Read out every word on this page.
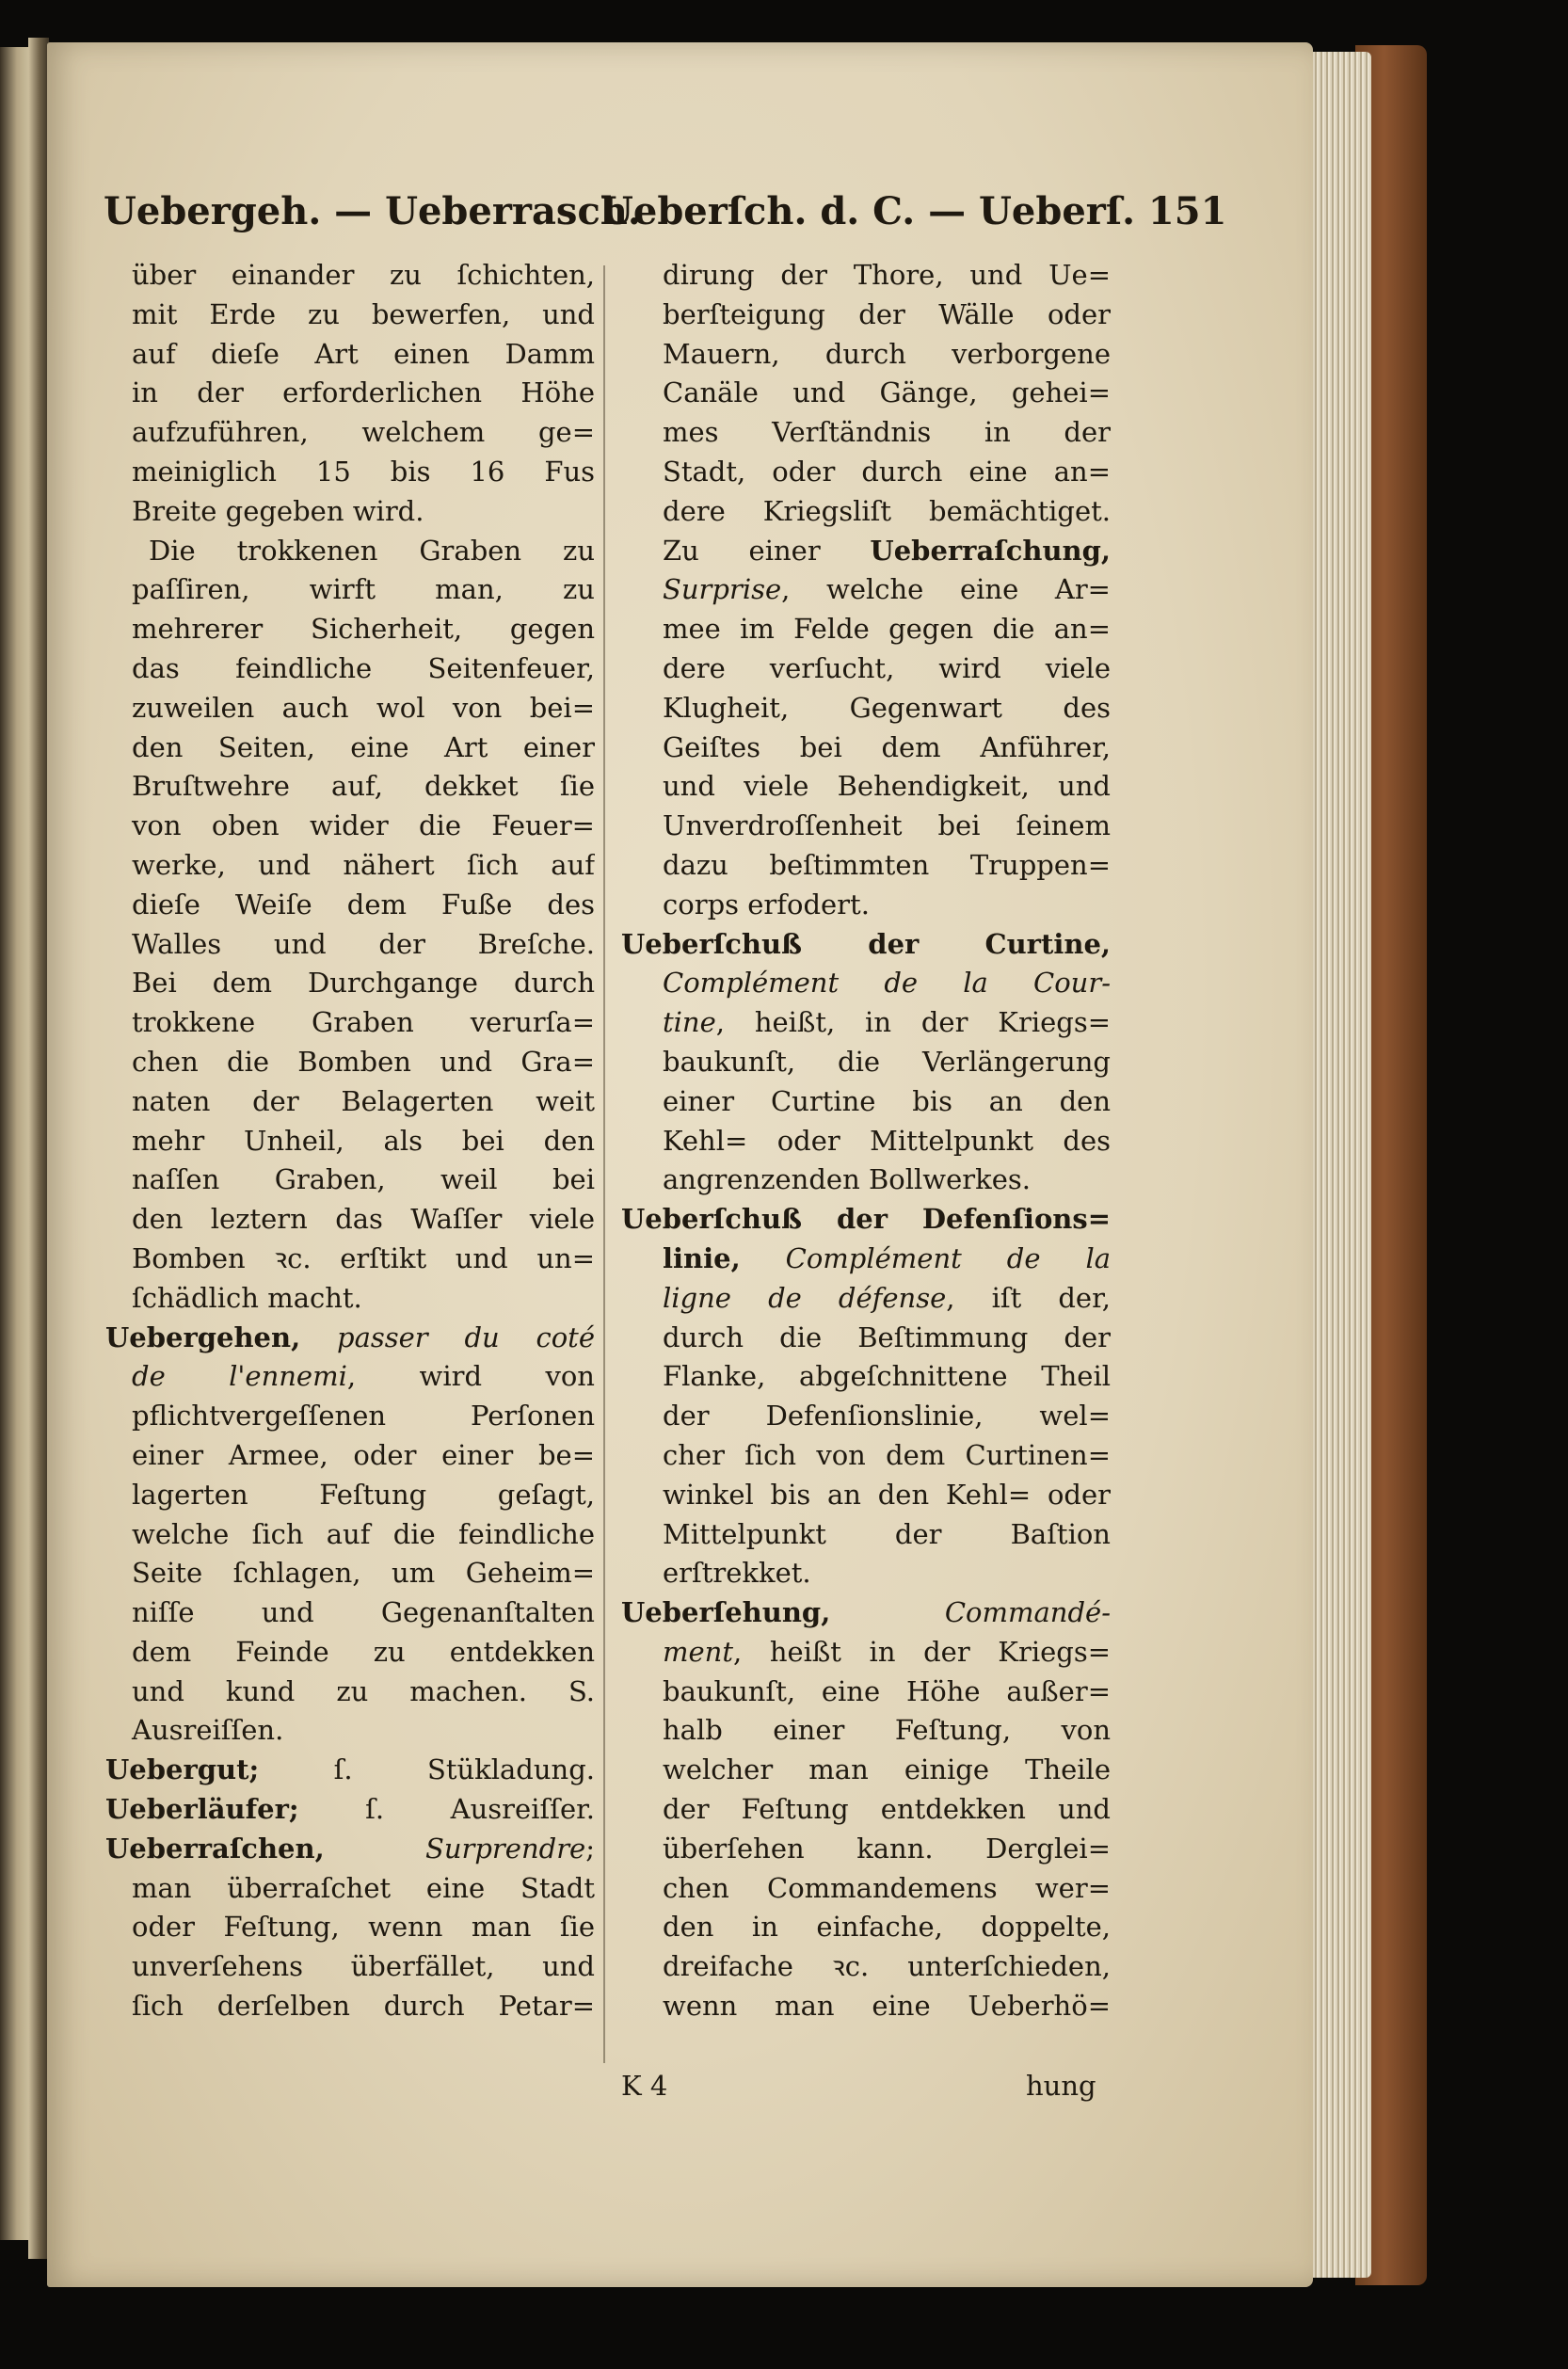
Uebergeh. — Ueberrasch.
Ueberſch. d. C. — Ueberſ. 151
über einander zu ſchichten,
mit Erde zu bewerfen, und
auf dieſe Art einen Damm
in der erforderlichen Höhe
aufzuführen, welchem ge=
meiniglich 15 bis 16 Fus
Breite gegeben wird.
Die trokkenen Graben zu
paſſiren, wirft man, zu
mehrerer Sicherheit, gegen
das feindliche Seitenfeuer,
zuweilen auch wol von bei=
den Seiten, eine Art einer
Bruſtwehre auf, dekket ſie
von oben wider die Feuer=
werke, und nähert ſich auf
dieſe Weiſe dem Fuße des
Walles und der Breſche.
Bei dem Durchgange durch
trokkene Graben verurſa=
chen die Bomben und Gra=
naten der Belagerten weit
mehr Unheil, als bei den
naſſen Graben, weil bei
den leztern das Waſſer viele
Bomben ꝛc. erſtikt und un=
ſchädlich macht.
Uebergehen, passer du coté
de l'ennemi, wird von
pflichtvergeſſenen Perſonen
einer Armee, oder einer be=
lagerten Feſtung geſagt,
welche ſich auf die feindliche
Seite ſchlagen, um Geheim=
niſſe und Gegenanſtalten
dem Feinde zu entdekken
und kund zu machen. S.
Ausreiſſen.
Uebergut; ſ. Stükladung.
Ueberläufer; ſ. Ausreiſſer.
Ueberraſchen,	Surprendre;
man überraſchet eine Stadt
oder Feſtung, wenn man ſie
unverſehens überfället, und
ſich derſelben durch Petar=
dirung der Thore, und Ue=
berſteigung der Wälle oder
Mauern, durch verborgene
Canäle und Gänge, gehei=
mes Verſtändnis in der
Stadt, oder durch eine an=
dere Kriegsliſt bemächtiget.
Zu einer Ueberraſchung,
Surprise, welche eine Ar=
mee im Felde gegen die an=
dere verſucht, wird viele
Klugheit, Gegenwart des
Geiſtes bei dem Anführer,
und viele Behendigkeit, und
Unverdroſſenheit bei ſeinem
dazu beſtimmten Truppen=
corps erfodert.
Ueberſchuß der Curtine,
Complément de la Cour-
tine, heißt, in der Kriegs=
baukunſt, die Verlängerung
einer Curtine bis an den
Kehl= oder Mittelpunkt des
angrenzenden Bollwerkes.
Ueberſchuß der Defenſions=
linie, Complément de la
ligne de défense, iſt der,
durch die Beſtimmung der
Flanke, abgeſchnittene Theil
der Defenſionslinie, wel=
cher ſich von dem Curtinen=
winkel bis an den Kehl= oder
Mittelpunkt der Baſtion
erſtrekket.
Ueberſehung,	Commandé-
ment, heißt in der Kriegs=
baukunſt, eine Höhe außer=
halb einer Feſtung, von
welcher man einige Theile
der Feſtung entdekken und
überſehen kann. Derglei=
chen Commandemens wer=
den in einfache, doppelte,
dreifache ꝛc. unterſchieden,
wenn man eine Ueberhö=
K 4	hung
